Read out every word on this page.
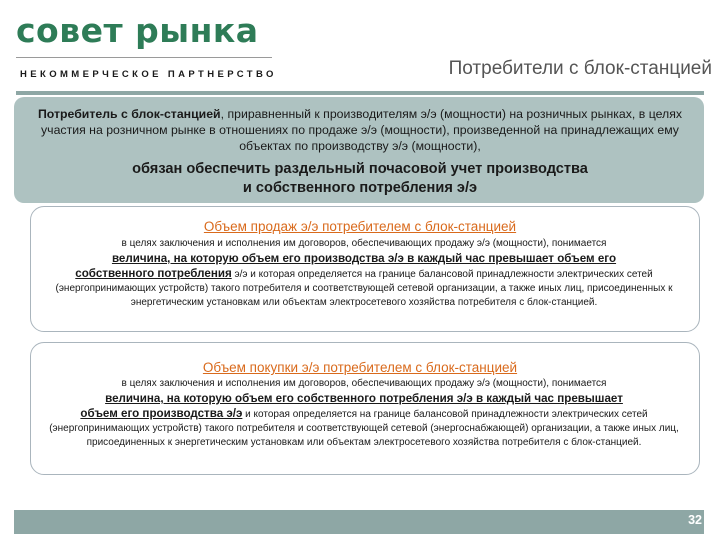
совет рынка
НЕКОММЕРЧЕСКОЕ ПАРТНЕРСТВО	Потребители с блок-станцией
Потребитель с блок-станцией, приравненный к производителям э/э (мощности) на розничных рынках, в целях участия на розничном рынке в отношениях по продаже э/э (мощности), произведенной на принадлежащих ему объектах по производству э/э (мощности),
обязан обеспечить раздельный почасовой учет производства
и собственного потребления э/э
Объем продаж э/э потребителем с блок-станцией
в целях заключения и исполнения им договоров, обеспечивающих продажу э/э (мощности), понимается
величина, на которую объем его производства э/э в каждый час превышает объем его
собственного потребления э/э и которая определяется на границе балансовой принадлежности электрических сетей (энергопринимающих устройств) такого потребителя и соответствующей сетевой организации, а также иных лиц, присоединенных к энергетическим установкам или объектам электросетевого хозяйства потребителя с блок-станцией.
Объем покупки э/э потребителем с блок-станцией
в целях заключения и исполнения им договоров, обеспечивающих продажу э/э (мощности), понимается
величина, на которую объем его собственного потребления э/э в каждый час превышает
объем его производства э/э и которая определяется на границе балансовой принадлежности электрических сетей (энергопринимающих устройств) такого потребителя и соответствующей сетевой (энергоснабжающей) организации, а также иных лиц, присоединенных к энергетическим установкам или объектам электросетевого хозяйства потребителя с блок-станцией.
32
